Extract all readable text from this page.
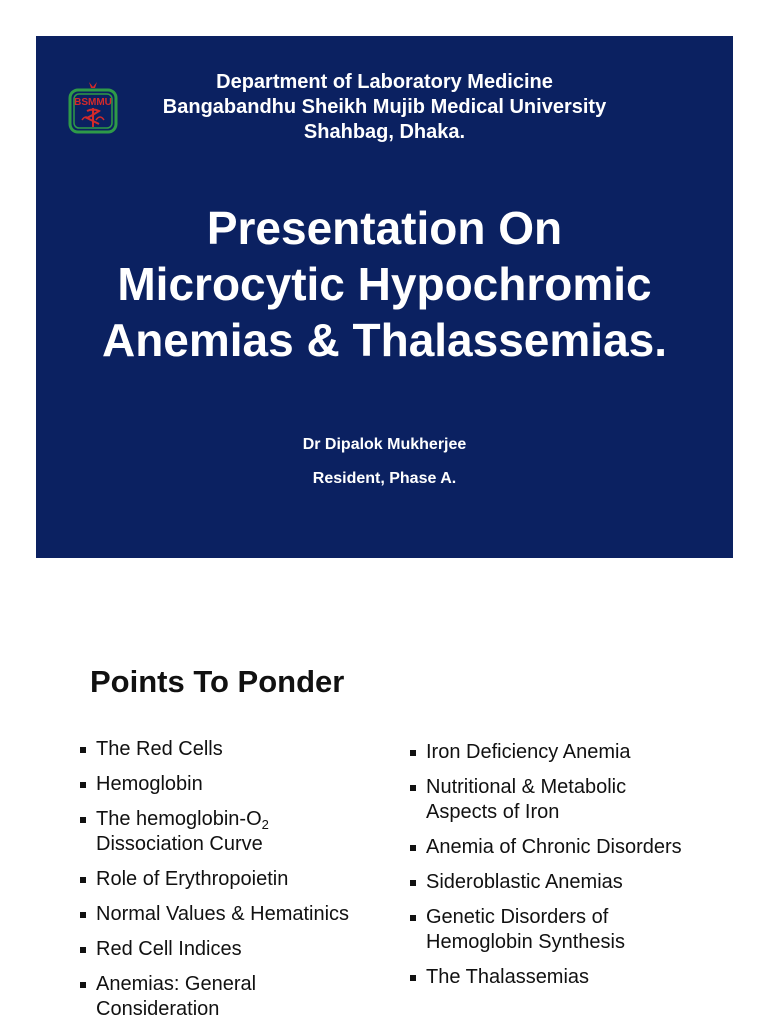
BSMMU
Department of Laboratory Medicine
Bangabandhu Sheikh Mujib Medical University
Shahbag, Dhaka.
Presentation On
Microcytic Hypochromic
Anemias & Thalassemias.
Dr Dipalok Mukherjee
Resident, Phase A.
Points To Ponder
The Red Cells
Hemoglobin
The hemoglobin-$O_2$
Dissociation Curve
Role of Erythropoietin
Normal Values & Hematinics
Red Cell Indices
Anemias: General
Consideration
Iron Deficiency Anemia
Nutritional & Metabolic
Aspects of Iron
Anemia of Chronic Disorders
Sideroblastic Anemias
Genetic Disorders of
Hemoglobin Synthesis
The Thalassemias
